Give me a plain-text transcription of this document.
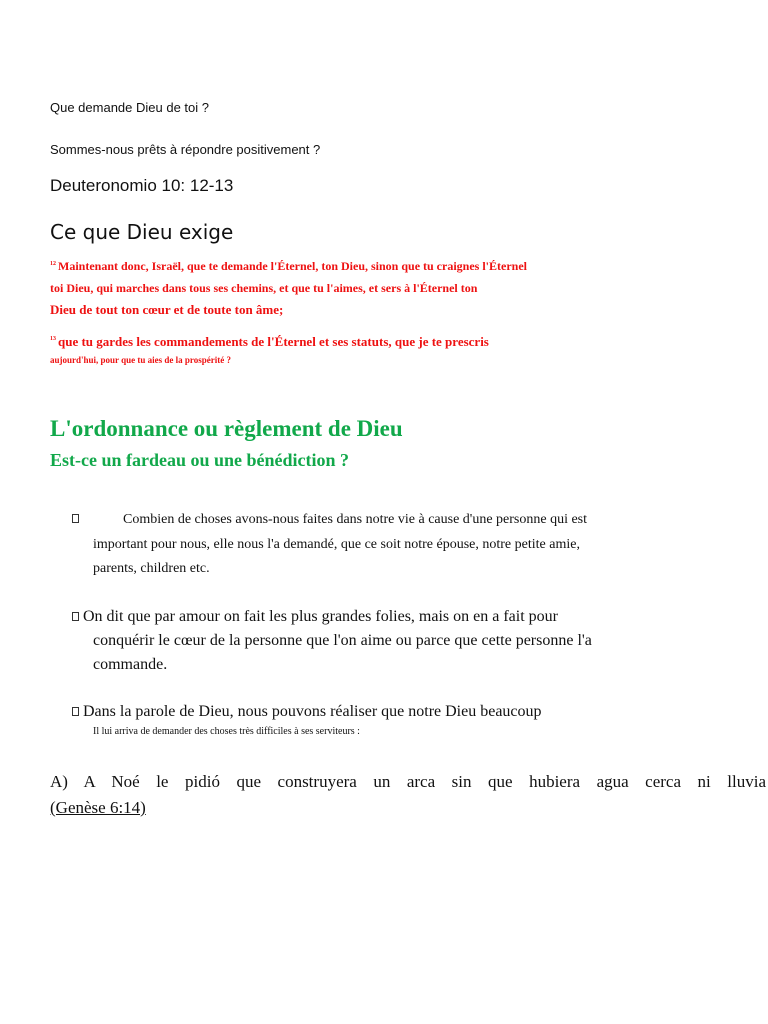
Que demande Dieu de toi ?
Sommes-nous prêts à répondre positivement ?
Deuteronomio 10: 12-13
Ce que Dieu exige
$^{12}$ Maintenant donc, Israël, que te demande l'Éternel, ton Dieu, sinon que tu craignes l'Éternel
toi Dieu, qui marches dans tous ses chemins, et que tu l'aimes, et sers à l'Éternel ton
Dieu de tout ton cœur et de toute ton âme;
$^{13}$ que tu gardes les commandements de l'Éternel et ses statuts, que je te prescris
aujourd'hui, pour que tu aies de la prospérité ?
L'ordonnance ou règlement de Dieu
Est-ce un fardeau ou une bénédiction ?
Combien de choses avons-nous faites dans notre vie à cause d'une personne qui est
important pour nous, elle nous l'a demandé, que ce soit notre épouse, notre petite amie,
parents, children etc.
On dit que par amour on fait les plus grandes folies, mais on en a fait pour
conquérir le cœur de la personne que l'on aime ou parce que cette personne l'a
commande.
Dans la parole de Dieu, nous pouvons réaliser que notre Dieu beaucoup
Il lui arriva de demander des choses très difficiles à ses serviteurs :
A) A Noé le pidió que construyera un arca sin que hubiera agua cerca ni lluvia
(Genèse 6:14)
